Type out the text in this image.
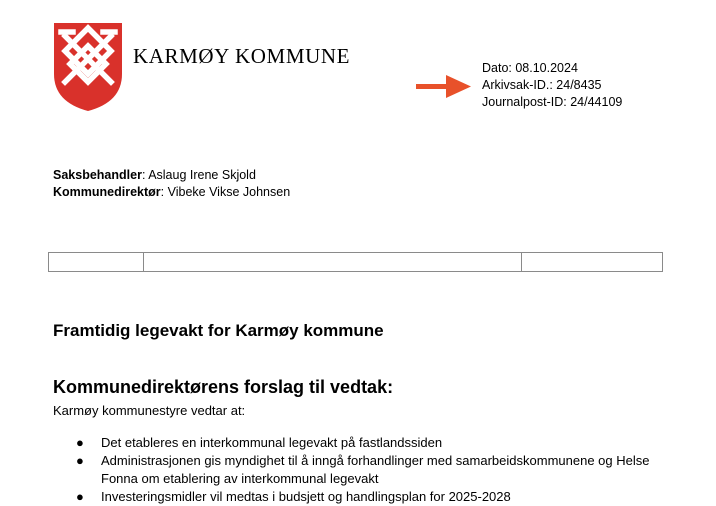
KARMØY KOMMUNE	Dato: 08.10.2024
Arkivsak-ID.: 24/8435
Journalpost-ID: 24/44109
Saksbehandler: Aslaug Irene Skjold
Kommunedirektør: Vibeke Vikse Johnsen
Framtidig legevakt for Karmøy kommune
Kommunedirektørens forslag til vedtak:
Karmøy kommunestyre vedtar at:
●	Det etableres en interkommunal legevakt på fastlandssiden
●	Administrasjonen gis myndighet til å inngå forhandlinger med samarbeidskommunene og Helse Fonna om etablering av interkommunal legevakt
●	Investeringsmidler vil medtas i budsjett og handlingsplan for 2025-2028
